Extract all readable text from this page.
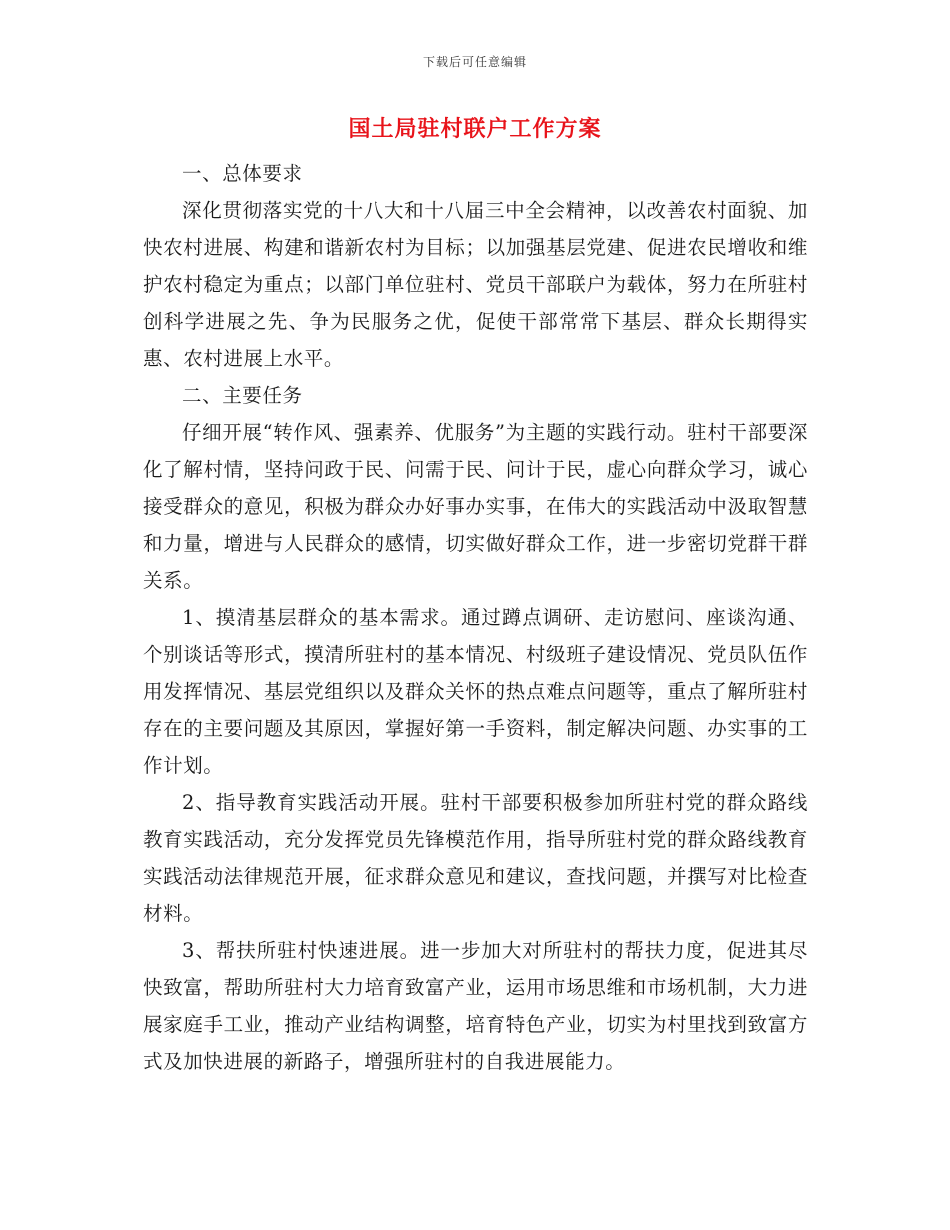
下载后可任意编辑
国土局驻村联户工作方案

一、总体要求

深化贯彻落实党的十八大和十八届三中全会精神，以改善农村面貌、加快农村进展、构建和谐新农村为目标；以加强基层党建、促进农民增收和维护农村稳定为重点；以部门单位驻村、党员干部联户为载体，努力在所驻村创科学进展之先、争为民服务之优，促使干部常常下基层、群众长期得实惠、农村进展上水平。

二、主要任务

仔细开展“转作风、强素养、优服务”为主题的实践行动。驻村干部要深化了解村情，坚持问政于民、问需于民、问计于民，虚心向群众学习，诚心接受群众的意见，积极为群众办好事办实事，在伟大的实践活动中汲取智慧和力量，增进与人民群众的感情，切实做好群众工作，进一步密切党群干群关系。

1、摸清基层群众的基本需求。通过蹲点调研、走访慰问、座谈沟通、个别谈话等形式，摸清所驻村的基本情况、村级班子建设情况、党员队伍作用发挥情况、基层党组织以及群众关怀的热点难点问题等，重点了解所驻村存在的主要问题及其原因，掌握好第一手资料，制定解决问题、办实事的工作计划。

2、指导教育实践活动开展。驻村干部要积极参加所驻村党的群众路线教育实践活动，充分发挥党员先锋模范作用，指导所驻村党的群众路线教育实践活动法律规范开展，征求群众意见和建议，查找问题，并撰写对比检查材料。

3、帮扶所驻村快速进展。进一步加大对所驻村的帮扶力度，促进其尽快致富，帮助所驻村大力培育致富产业，运用市场思维和市场机制，大力进展家庭手工业，推动产业结构调整，培育特色产业，切实为村里找到致富方式及加快进展的新路子，增强所驻村的自我进展能力。
